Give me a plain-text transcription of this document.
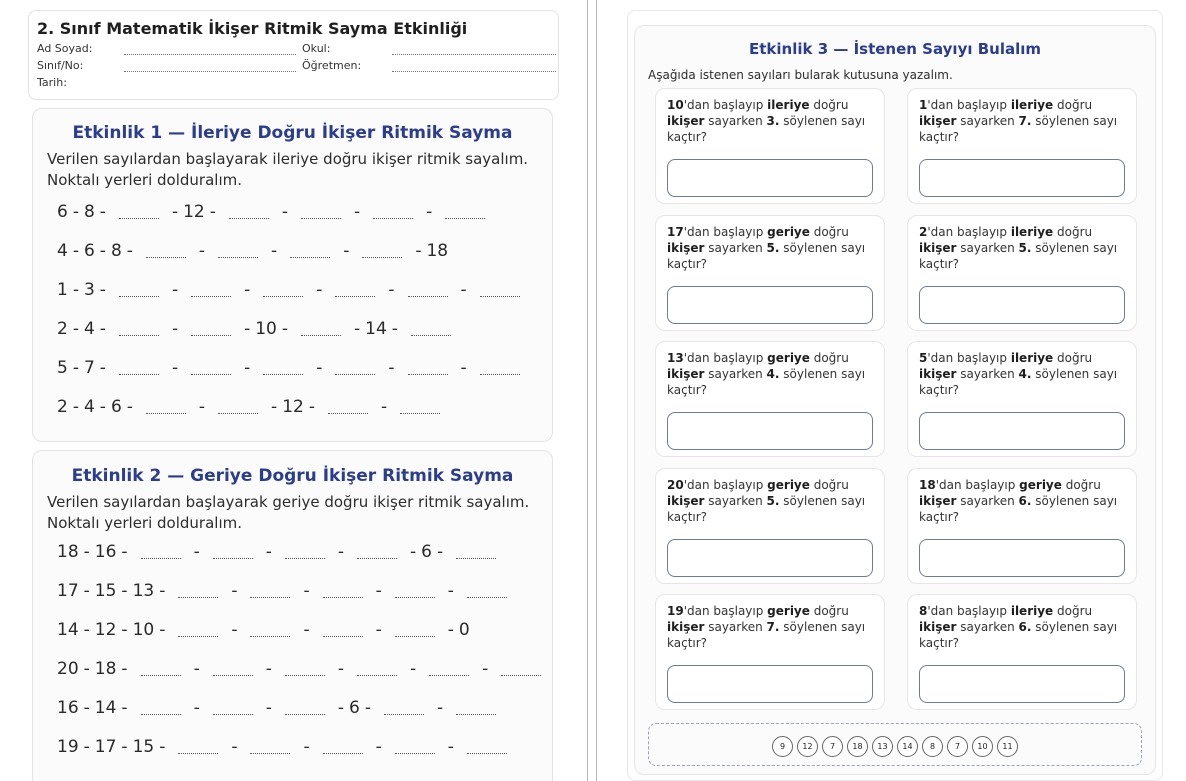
2. Sınıf Matematik İkişer Ritmik Sayma Etkinliği
Ad Soyad:	Okul:
Sınıf/No:	Öğretmen:
Tarih:
Etkinlik 1 — İleriye Doğru İkişer Ritmik Sayma
Verilen sayılardan başlayarak ileriye doğru ikişer ritmik sayalım.
Noktalı yerleri dolduralım.
6 - 8 -	- 12 -	-	-	-
4 - 6 - 8 -	-	-	-	- 18
1 - 3 -	-	-	-	-	-
2 - 4 -	-	- 10 -	- 14 -
5 - 7 -	-	-	-	-	-
2 - 4 - 6 -	-	- 12 -	-
Etkinlik 2 — Geriye Doğru İkişer Ritmik Sayma
Verilen sayılardan başlayarak geriye doğru ikişer ritmik sayalım.
Noktalı yerleri dolduralım.
18 - 16 -	-	-	-	- 6 -
17 - 15 - 13 -	-	-	-	-
14 - 12 - 10 -	-	-	-	- 0
20 - 18 -	-	-	-	-	-
16 - 14 -	-	-	- 6 -	-
19 - 17 - 15 -	-	-	-	-
Etkinlik 3 — İstenen Sayıyı Bulalım
Aşağıda istenen sayıları bularak kutusuna yazalım.
10'dan başlayıp ileriye doğru ikişer sayarken 3. söylenen sayı kaçtır?
1'dan başlayıp ileriye doğru ikişer sayarken 7. söylenen sayı kaçtır?
17'dan başlayıp geriye doğru ikişer sayarken 5. söylenen sayı kaçtır?
2'dan başlayıp ileriye doğru ikişer sayarken 5. söylenen sayı kaçtır?
13'dan başlayıp geriye doğru ikişer sayarken 4. söylenen sayı kaçtır?
5'dan başlayıp ileriye doğru ikişer sayarken 4. söylenen sayı kaçtır?
20'dan başlayıp geriye doğru ikişer sayarken 5. söylenen sayı kaçtır?
18'dan başlayıp geriye doğru ikişer sayarken 6. söylenen sayı kaçtır?
19'dan başlayıp geriye doğru ikişer sayarken 7. söylenen sayı kaçtır?
8'dan başlayıp ileriye doğru ikişer sayarken 6. söylenen sayı kaçtır?
9 12 7 18 13 14 8 7 10 11
